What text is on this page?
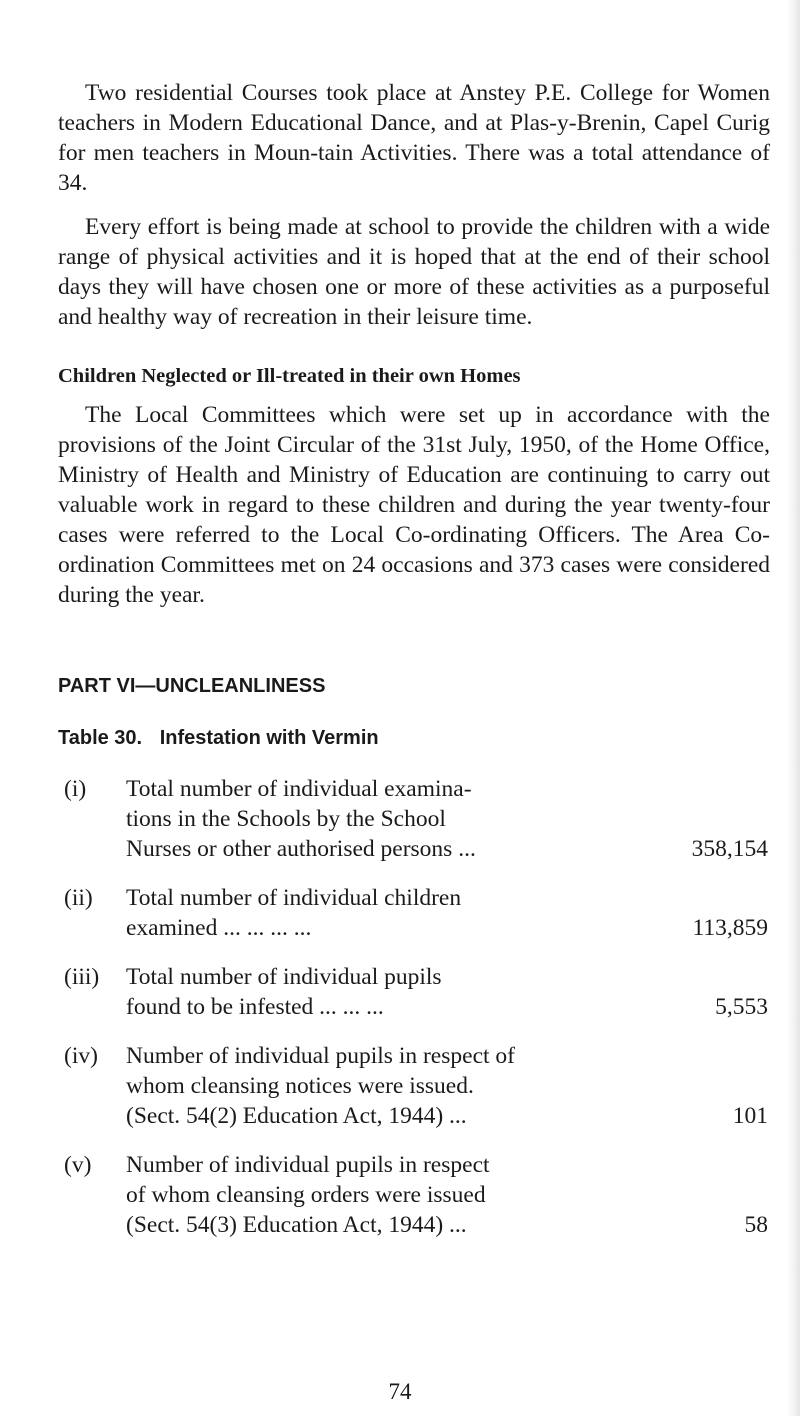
Two residential Courses took place at Anstey P.E. College for Women teachers in Modern Educational Dance, and at Plas-y-Brenin, Capel Curig for men teachers in Moun-tain Activities. There was a total attendance of 34.

Every effort is being made at school to provide the children with a wide range of physical activities and it is hoped that at the end of their school days they will have chosen one or more of these activities as a purposeful and healthy way of recreation in their leisure time.

Children Neglected or Ill-treated in their own Homes

The Local Committees which were set up in accordance with the provisions of the Joint Circular of the 31st July, 1950, of the Home Office, Ministry of Health and Ministry of Education are continuing to carry out valuable work in regard to these children and during the year twenty-four cases were referred to the Local Co-ordinating Officers. The Area Co-ordination Committees met on 24 occasions and 373 cases were considered during the year.

PART VI—UNCLEANLINESS
Table 30. Infestation with Vermin
(i)	Total number of individual examina-
tions in the Schools by the School
Nurses or other authorised persons ...	358,154
(ii)	Total number of individual children
examined ... ... ... ...	113,859
(iii)	Total number of individual pupils
found to be infested ... ... ...	5,553
(iv)	Number of individual pupils in respect of
whom cleansing notices were issued.
(Sect. 54(2) Education Act, 1944) ...	101
(v)	Number of individual pupils in respect
of whom cleansing orders were issued
(Sect. 54(3) Education Act, 1944) ...	58
74
